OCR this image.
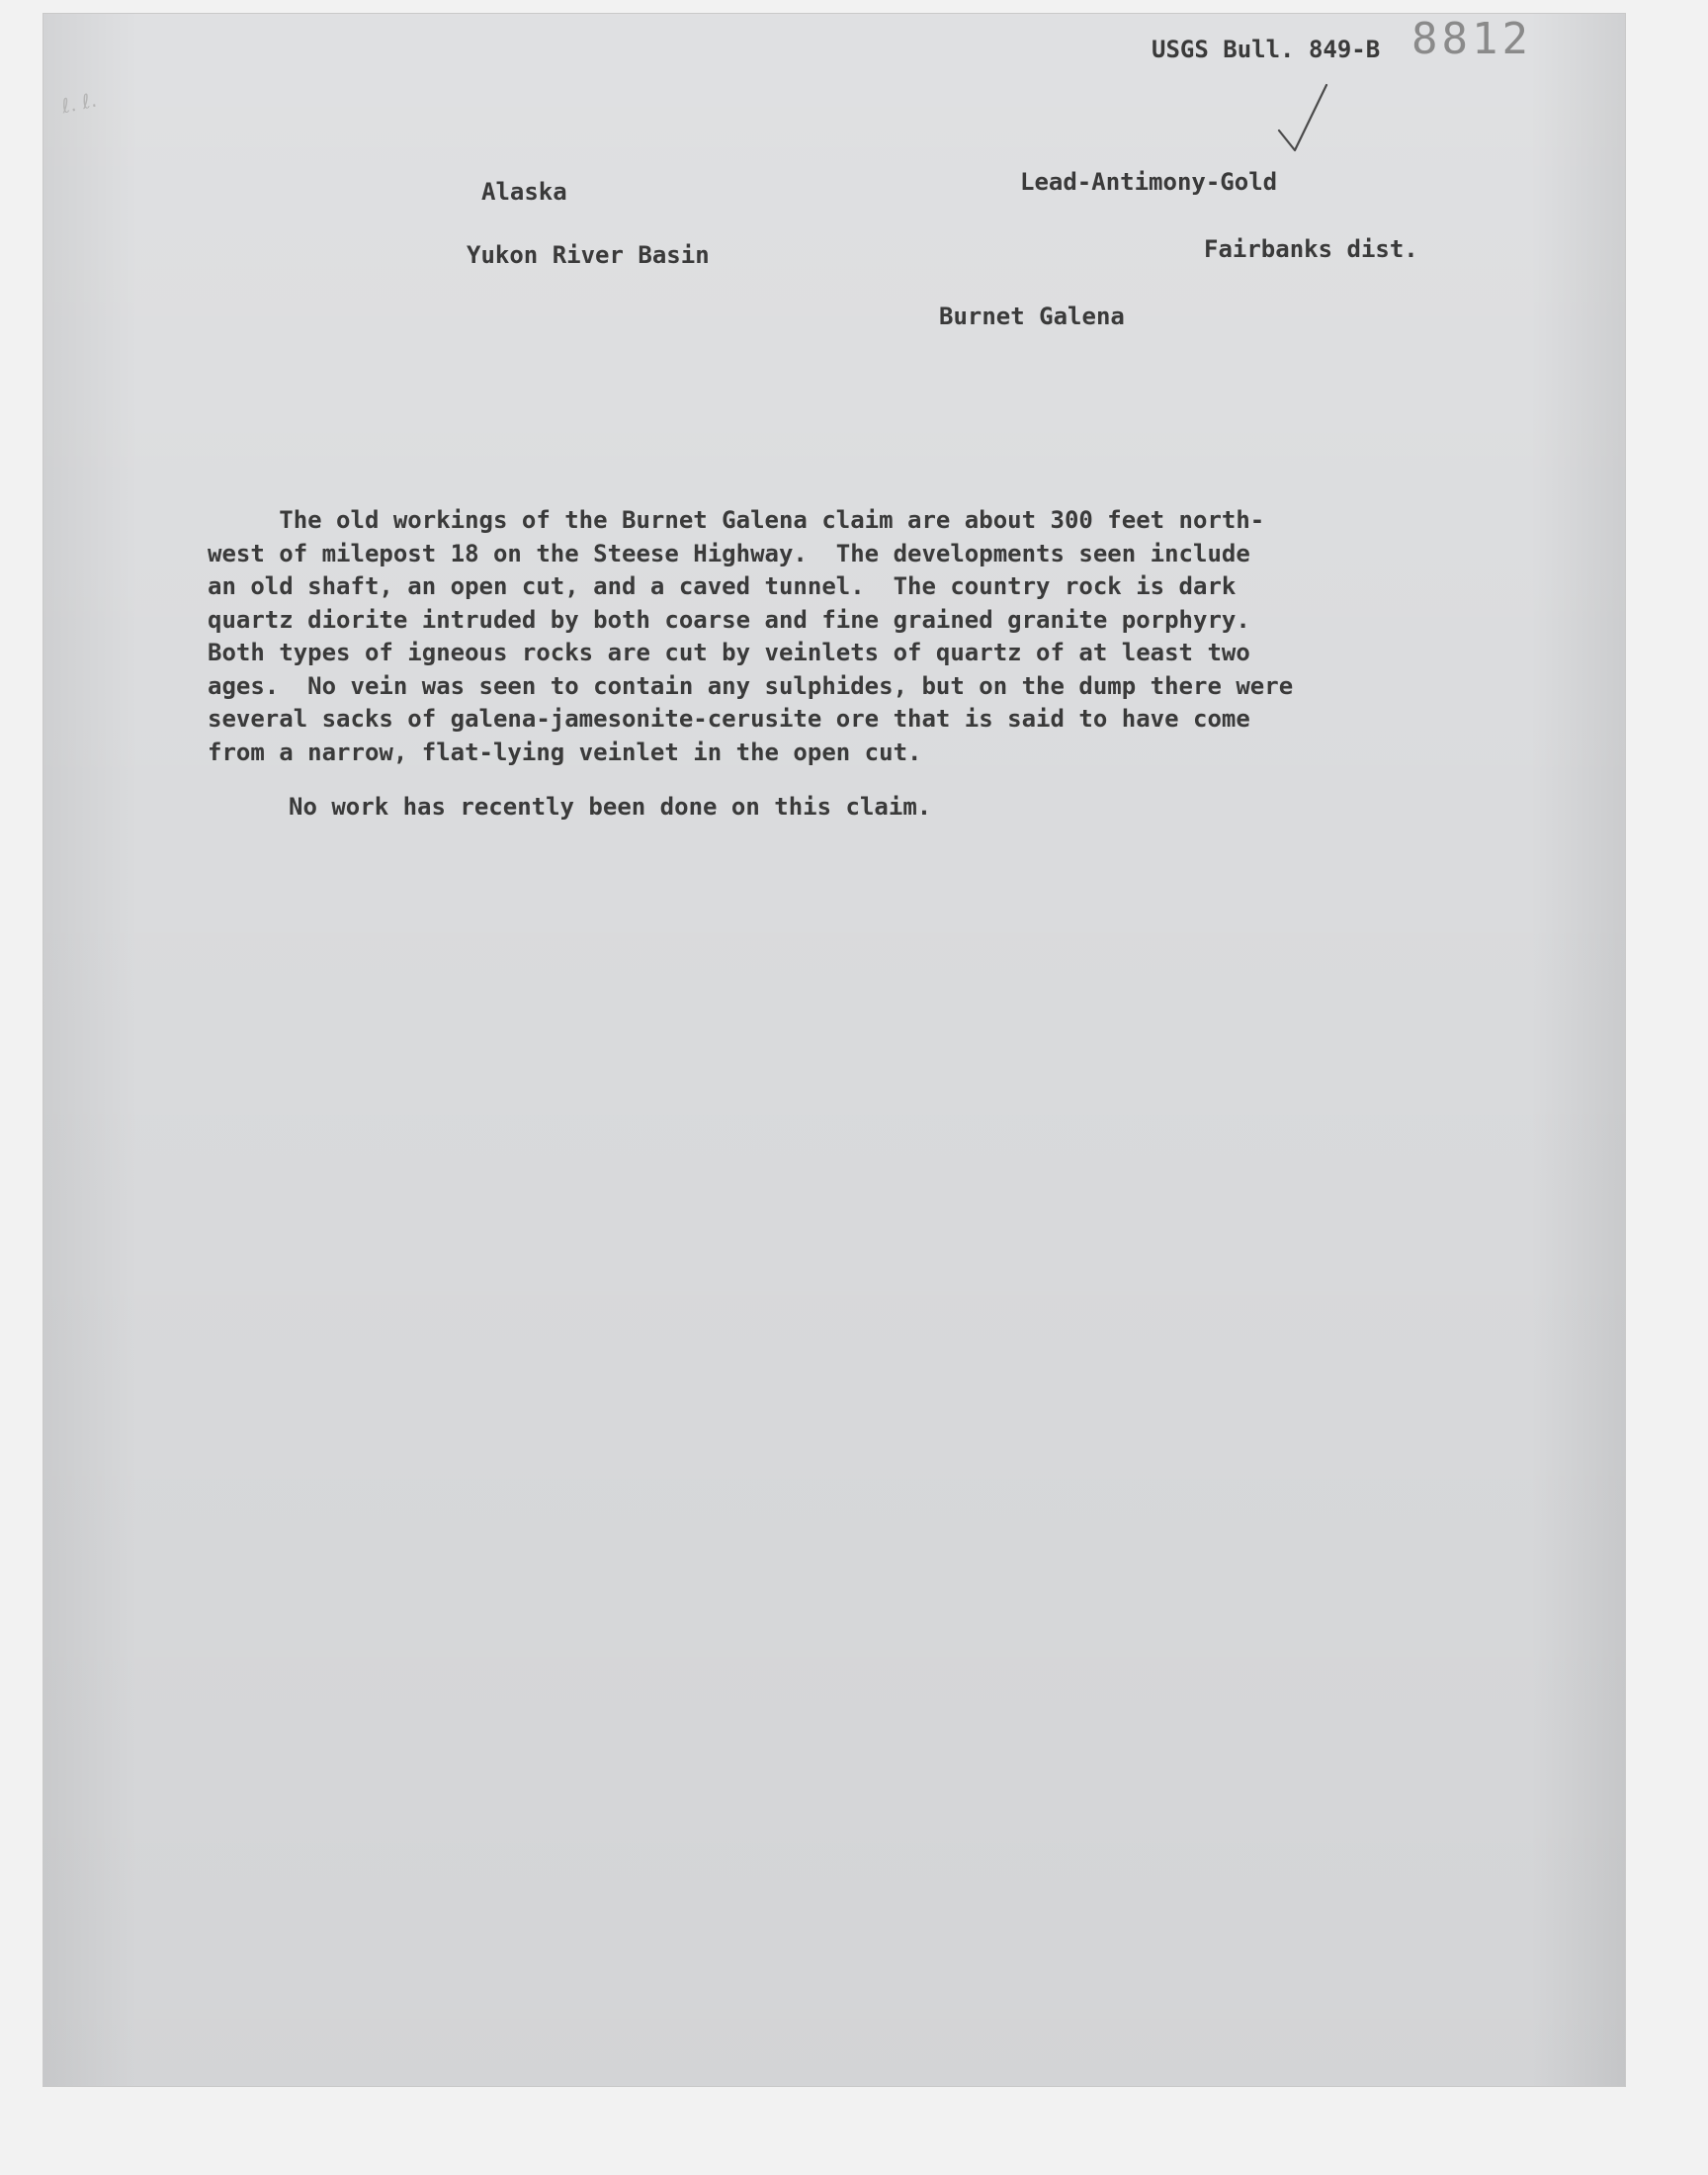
ℓ. ℓ.
USGS Bull. 849-B 8812
Alaska	Lead-Antimony-Gold
Yukon River Basin	Fairbanks dist.
Burnet Galena
The old workings of the Burnet Galena claim are about 300 feet north-
west of milepost 18 on the Steese Highway.  The developments seen include
an old shaft, an open cut, and a caved tunnel.  The country rock is dark
quartz diorite intruded by both coarse and fine grained granite porphyry.
Both types of igneous rocks are cut by veinlets of quartz of at least two
ages.  No vein was seen to contain any sulphides, but on the dump there were
several sacks of galena-jamesonite-cerusite ore that is said to have come
from a narrow, flat-lying veinlet in the open cut.
No work has recently been done on this claim.
